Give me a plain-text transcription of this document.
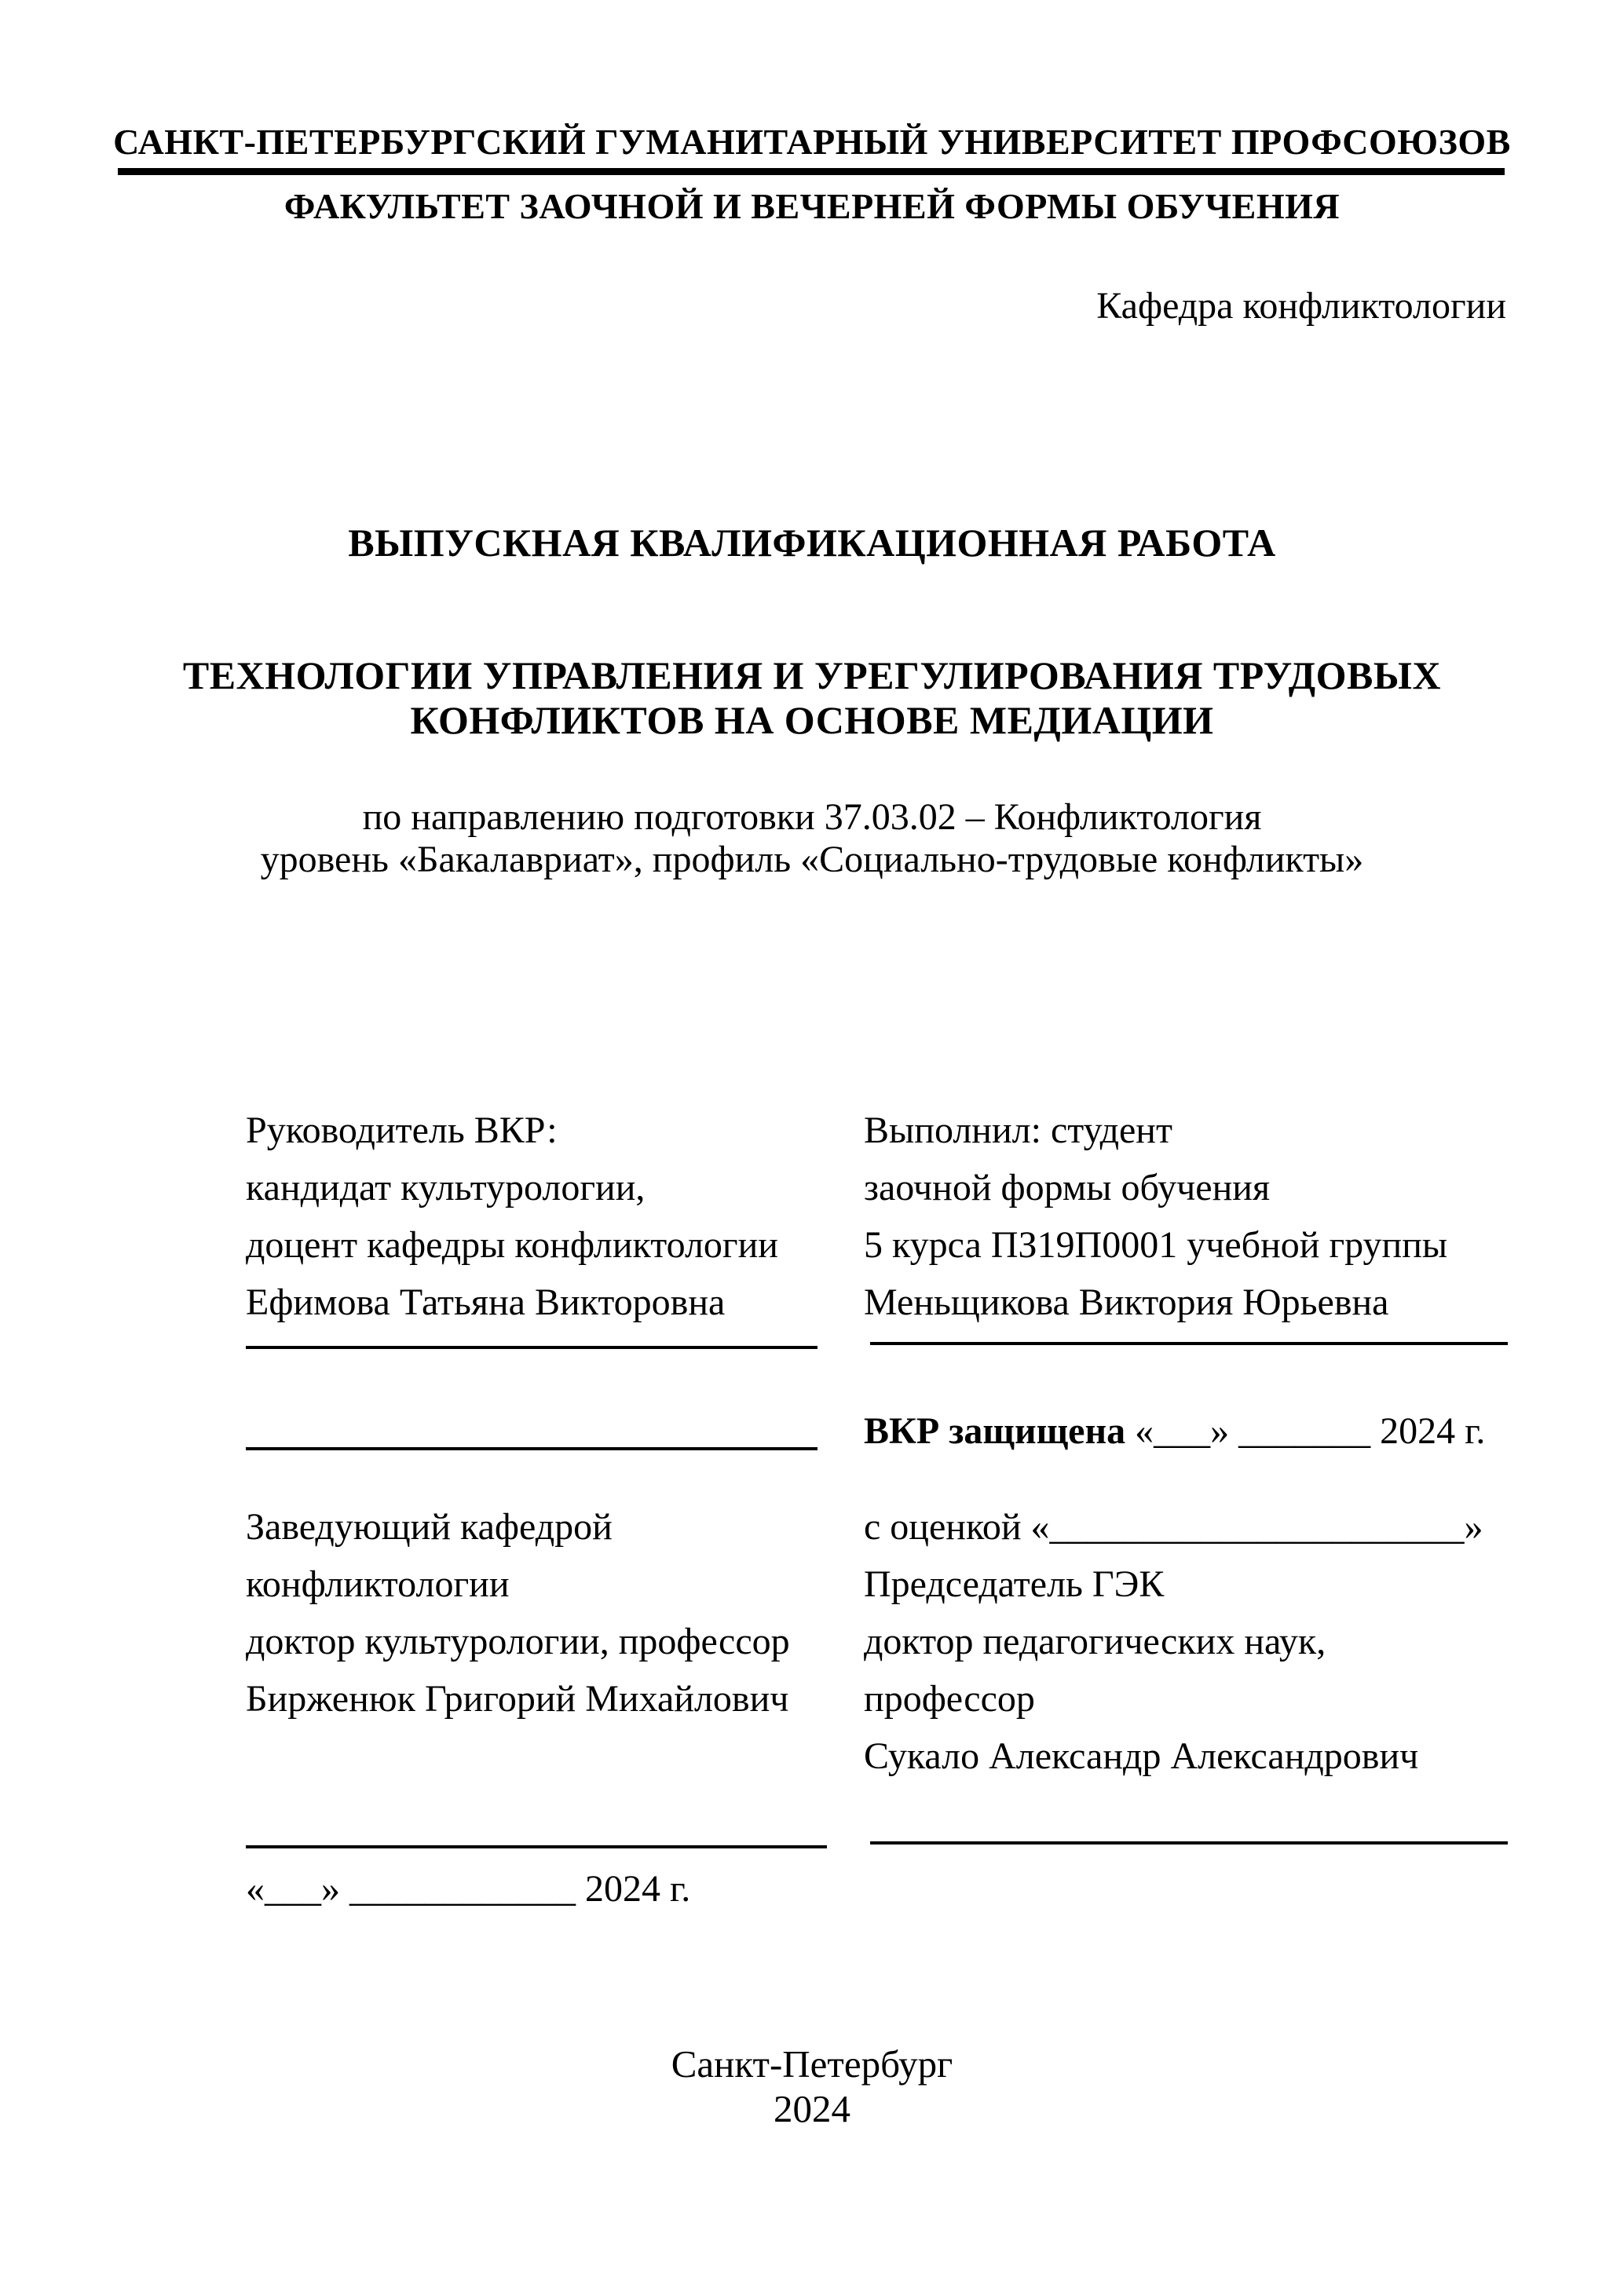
САНКТ-ПЕТЕРБУРГСКИЙ ГУМАНИТАРНЫЙ УНИВЕРСИТЕТ ПРОФСОЮЗОВ
ФАКУЛЬТЕТ ЗАОЧНОЙ И ВЕЧЕРНЕЙ ФОРМЫ ОБУЧЕНИЯ
Кафедра конфликтологии
ВЫПУСКНАЯ КВАЛИФИКАЦИОННАЯ РАБОТА
ТЕХНОЛОГИИ УПРАВЛЕНИЯ И УРЕГУЛИРОВАНИЯ ТРУДОВЫХ
КОНФЛИКТОВ НА ОСНОВЕ МЕДИАЦИИ
по направлению подготовки 37.03.02 – Конфликтология
уровень «Бакалавриат», профиль «Социально-трудовые конфликты»
Руководитель ВКР:
кандидат культурологии,
доцент кафедры конфликтологии
Ефимова Татьяна Викторовна
Выполнил: студент
заочной формы обучения
5 курса ПЗ19П0001 учебной группы
Меньщикова Виктория Юрьевна
ВКР защищена «___» _______ 2024 г.
Заведующий кафедрой
конфликтологии
доктор культурологии, профессор
Бирженюк Григорий Михайлович
с оценкой «______________________»
Председатель ГЭК
доктор педагогических наук,
профессор
Сукало Александр Александрович
«___» ____________ 2024 г.
Санкт-Петербург
2024
